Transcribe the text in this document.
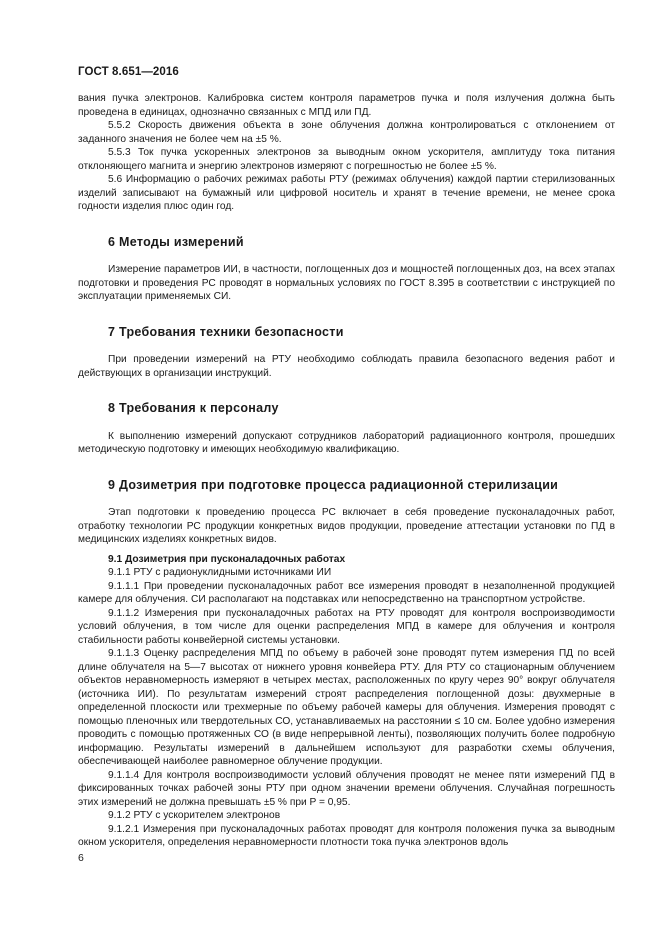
ГОСТ 8.651—2016

вания пучка электронов. Калибровка систем контроля параметров пучка и поля излучения должна быть проведена в единицах, однозначно связанных с МПД или ПД.

5.5.2 Скорость движения объекта в зоне облучения должна контролироваться с отклонением от заданного значения не более чем на ±5 %.

5.5.3 Ток пучка ускоренных электронов за выводным окном ускорителя, амплитуду тока питания отклоняющего магнита и энергию электронов измеряют с погрешностью не более ±5 %.

5.6 Информацию о рабочих режимах работы РТУ (режимах облучения) каждой партии стерилизованных изделий записывают на бумажный или цифровой носитель и хранят в течение времени, не менее срока годности изделия плюс один год.

6 Методы измерений

Измерение параметров ИИ, в частности, поглощенных доз и мощностей поглощенных доз, на всех этапах подготовки и проведения РС проводят в нормальных условиях по ГОСТ 8.395 в соответствии с инструкцией по эксплуатации применяемых СИ.

7 Требования техники безопасности

При проведении измерений на РТУ необходимо соблюдать правила безопасного ведения работ и действующих в организации инструкций.

8 Требования к персоналу

К выполнению измерений допускают сотрудников лабораторий радиационного контроля, прошедших методическую подготовку и имеющих необходимую квалификацию.

9 Дозиметрия при подготовке процесса радиационной стерилизации

Этап подготовки к проведению процесса РС включает в себя проведение пусконаладочных работ, отработку технологии РС продукции конкретных видов продукции, проведение аттестации установки по ПД в медицинских изделиях конкретных видов.

9.1 Дозиметрия при пусконаладочных работах

9.1.1 РТУ с радионуклидными источниками ИИ

9.1.1.1 При проведении пусконаладочных работ все измерения проводят в незаполненной продукцией камере для облучения. СИ располагают на подставках или непосредственно на транспортном устройстве.

9.1.1.2 Измерения при пусконаладочных работах на РТУ проводят для контроля воспроизводимости условий облучения, в том числе для оценки распределения МПД в камере для облучения и контроля стабильности работы конвейерной системы установки.

9.1.1.3 Оценку распределения МПД по объему в рабочей зоне проводят путем измерения ПД по всей длине облучателя на 5—7 высотах от нижнего уровня конвейера РТУ. Для РТУ со стационарным облучением объектов неравномерность измеряют в четырех местах, расположенных по кругу через 90° вокруг облучателя (источника ИИ). По результатам измерений строят распределения поглощенной дозы: двухмерные в определенной плоскости или трехмерные по объему рабочей камеры для облучения. Измерения проводят с помощью пленочных или твердотельных СО, устанавливаемых на расстоянии ≤ 10 см. Более удобно измерения проводить с помощью протяженных СО (в виде непрерывной ленты), позволяющих получить более подробную информацию. Результаты измерений в дальнейшем используют для разработки схемы облучения, обеспечивающей наиболее равномерное облучение продукции.

9.1.1.4 Для контроля воспроизводимости условий облучения проводят не менее пяти измерений ПД в фиксированных точках рабочей зоны РТУ при одном значении времени облучения. Случайная погрешность этих измерений не должна превышать ±5 % при P = 0,95.

9.1.2 РТУ с ускорителем электронов

9.1.2.1 Измерения при пусконаладочных работах проводят для контроля положения пучка за выводным окном ускорителя, определения неравномерности плотности тока пучка электронов вдоль

6
